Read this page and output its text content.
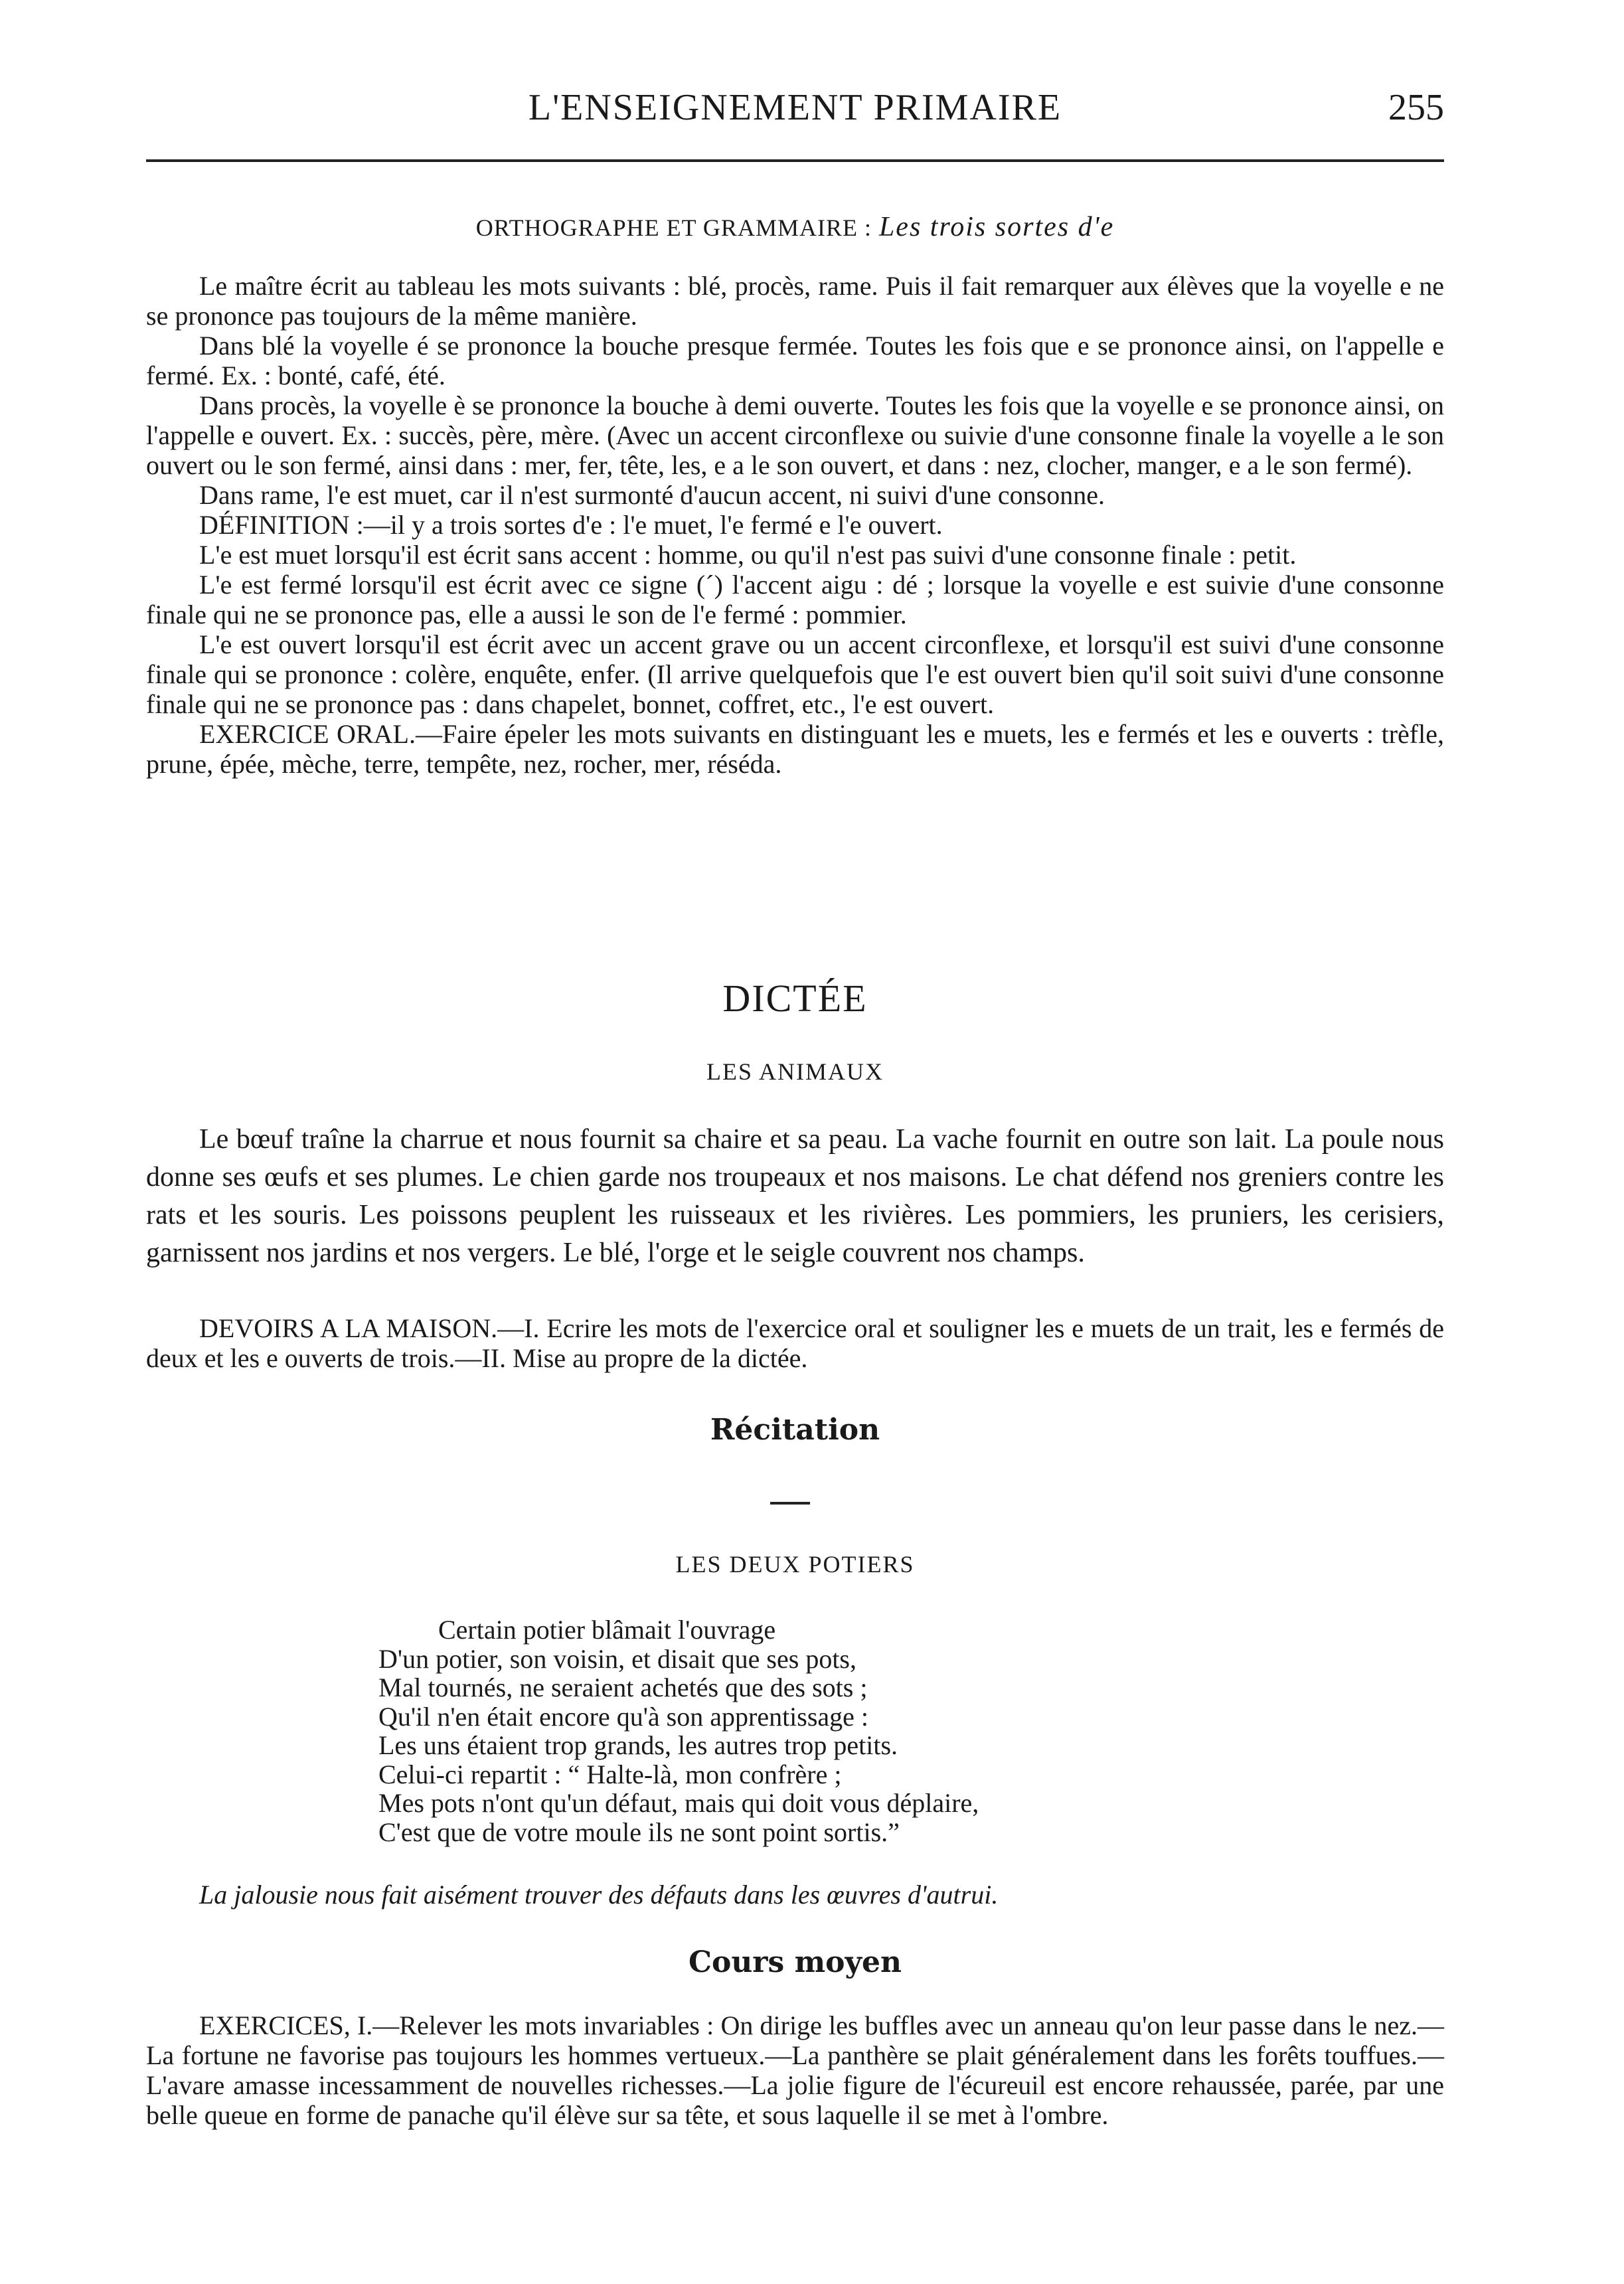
L'ENSEIGNEMENT PRIMAIRE	255
ORTHOGRAPHE ET GRAMMAIRE : Les trois sortes d'e

Le maître écrit au tableau les mots suivants : blé, procès, rame. Puis il fait remarquer aux élèves que la voyelle e ne se prononce pas toujours de la même manière.

Dans blé la voyelle é se prononce la bouche presque fermée. Toutes les fois que e se prononce ainsi, on l'appelle e fermé. Ex. : bonté, café, été.

Dans procès, la voyelle è se prononce la bouche à demi ouverte. Toutes les fois que la voyelle e se prononce ainsi, on l'appelle e ouvert. Ex. : succès, père, mère. (Avec un accent circonflexe ou suivie d'une consonne finale la voyelle a le son ouvert ou le son fermé, ainsi dans : mer, fer, tête, les, e a le son ouvert, et dans : nez, clocher, manger, e a le son fermé).

Dans rame, l'e est muet, car il n'est surmonté d'aucun accent, ni suivi d'une consonne.

DÉFINITION :—il y a trois sortes d'e : l'e muet, l'e fermé e l'e ouvert.

L'e est muet lorsqu'il est écrit sans accent : homme, ou qu'il n'est pas suivi d'une consonne finale : petit.

L'e est fermé lorsqu'il est écrit avec ce signe (´) l'accent aigu : dé ; lorsque la voyelle e est suivie d'une consonne finale qui ne se prononce pas, elle a aussi le son de l'e fermé : pommier.

L'e est ouvert lorsqu'il est écrit avec un accent grave ou un accent circonflexe, et lorsqu'il est suivi d'une consonne finale qui se prononce : colère, enquête, enfer. (Il arrive quelquefois que l'e est ouvert bien qu'il soit suivi d'une consonne finale qui ne se prononce pas : dans chapelet, bonnet, coffret, etc., l'e est ouvert.

EXERCICE ORAL.—Faire épeler les mots suivants en distinguant les e muets, les e fermés et les e ouverts : trèfle, prune, épée, mèche, terre, tempête, nez, rocher, mer, réséda.

DICTÉE
LES ANIMAUX

Le bœuf traîne la charrue et nous fournit sa chaire et sa peau. La vache fournit en outre son lait. La poule nous donne ses œufs et ses plumes. Le chien garde nos troupeaux et nos maisons. Le chat défend nos greniers contre les rats et les souris. Les poissons peuplent les ruisseaux et les rivières. Les pommiers, les pruniers, les cerisiers, garnissent nos jardins et nos vergers. Le blé, l'orge et le seigle couvrent nos champs.

DEVOIRS A LA MAISON.—I. Ecrire les mots de l'exercice oral et souligner les e muets de un trait, les e fermés de deux et les e ouverts de trois.—II. Mise au propre de la dictée.

Récitation
LES DEUX POTIERS
Certain potier blâmait l'ouvrage
D'un potier, son voisin, et disait que ses pots,
Mal tournés, ne seraient achetés que des sots ;
Qu'il n'en était encore qu'à son apprentissage :
Les uns étaient trop grands, les autres trop petits.
Celui-ci repartit : “ Halte-là, mon confrère ;
Mes pots n'ont qu'un défaut, mais qui doit vous déplaire,
C'est que de votre moule ils ne sont point sortis.”
La jalousie nous fait aisément trouver des défauts dans les œuvres d'autrui.
Cours moyen

EXERCICES, I.—Relever les mots invariables : On dirige les buffles avec un anneau qu'on leur passe dans le nez.—La fortune ne favorise pas toujours les hommes vertueux.—La panthère se plait généralement dans les forêts touffues.—L'avare amasse incessamment de nouvelles richesses.—La jolie figure de l'écureuil est encore rehaussée, parée, par une belle queue en forme de panache qu'il élève sur sa tête, et sous laquelle il se met à l'ombre.
